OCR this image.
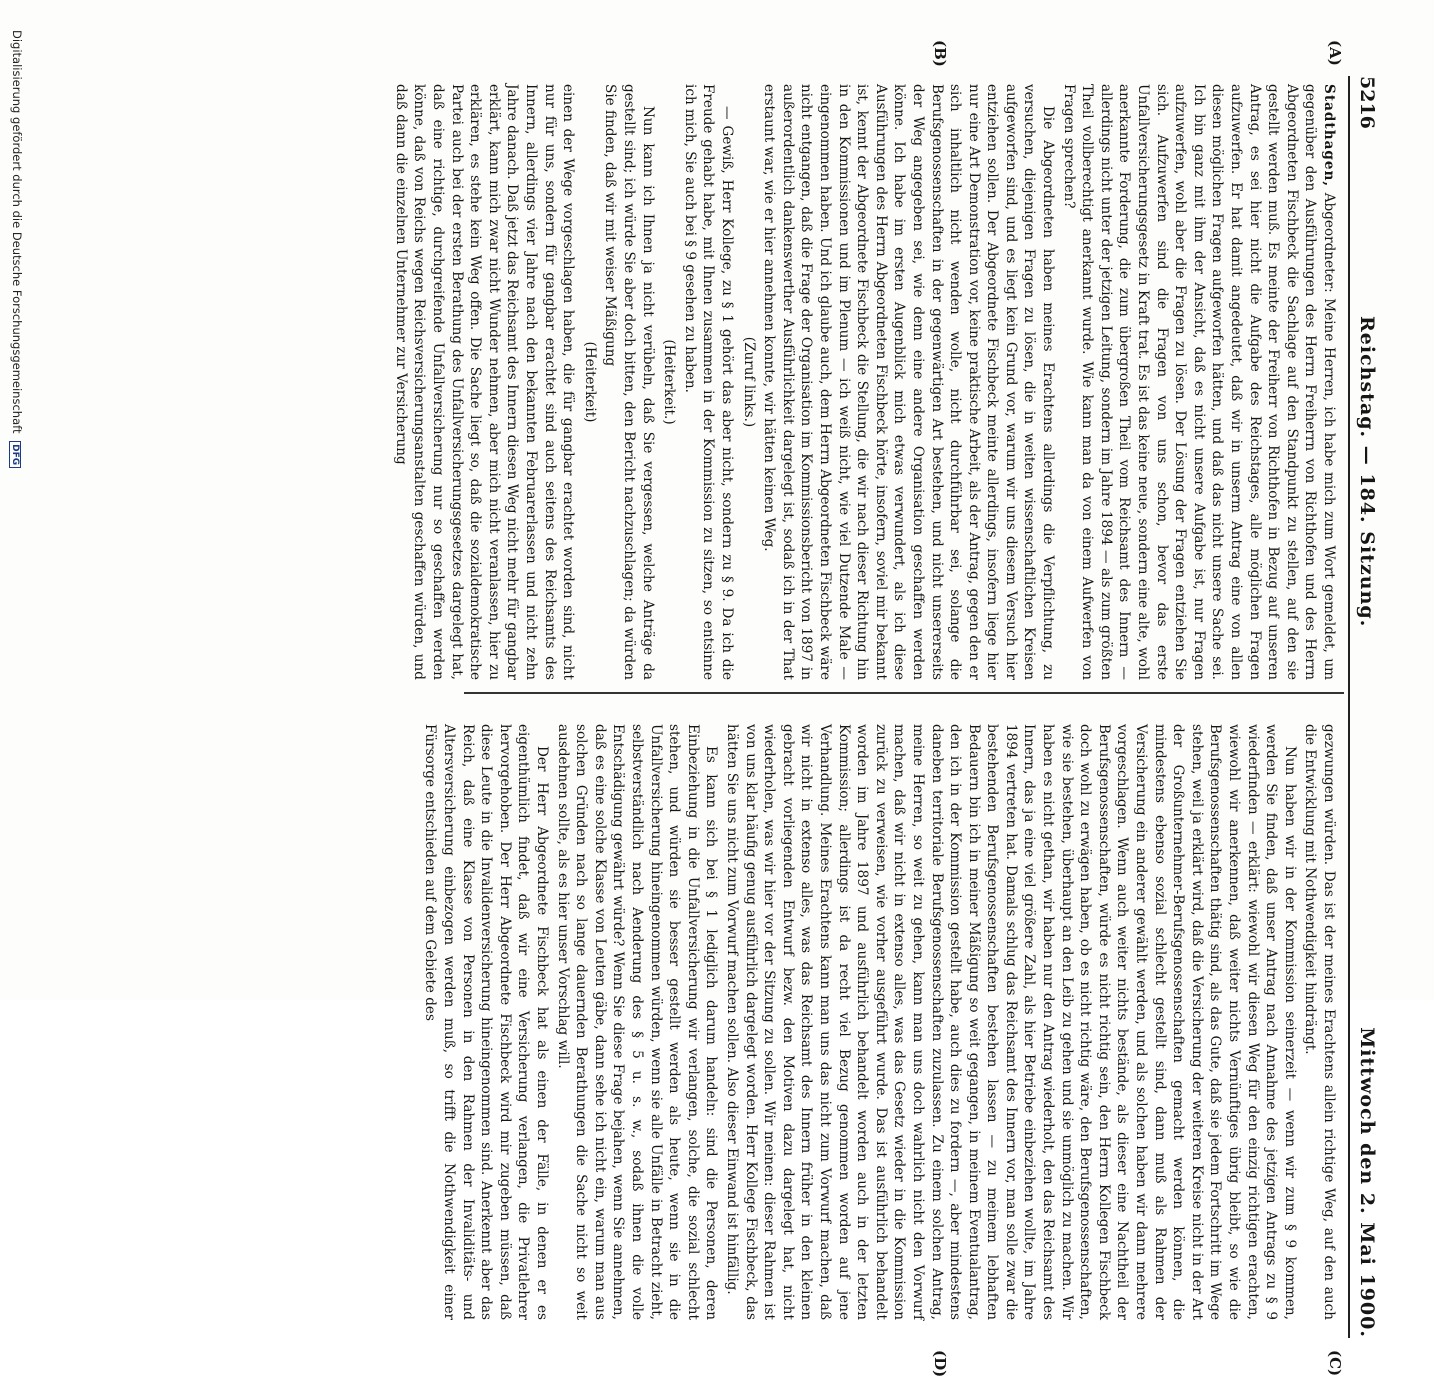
5216
Reichstag. — 184. Sitzung.
Mittwoch den 2. Mai 1900.
(A)
(B)
(C)
(D)

Stadthagen, Abgeordneter: Meine Herren, ich habe mich zum Wort gemeldet, um gegenüber den Ausführungen des Herrn Freiherrn von Richthofen und des Herrn Abgeordneten Fischbeck die Sachlage auf den Standpunkt zu stellen, auf den sie gestellt werden muß. Es meinte der Freiherr von Richthofen in Bezug auf unseren Antrag, es sei hier nicht die Aufgabe des Reichstages, alle möglichen Fragen aufzuwerfen. Er hat damit angedeutet, daß wir in unserm Antrag eine von allen diesen möglichen Fragen aufgeworfen hätten, und daß das nicht unsere Sache sei. Ich bin ganz mit ihm der Ansicht, daß es nicht unsere Aufgabe ist, nur Fragen aufzuwerfen, wohl aber die Fragen zu lösen. Der Lösung der Fragen entziehen Sie sich. Aufzuwerfen sind die Fragen von uns schon, bevor das erste Unfallversicherungsgesetz in Kraft trat. Es ist das keine neue, sondern eine alte, wohl anerkannte Forderung, die zum übergroßen Theil vom Reichsamt des Innern — allerdings nicht unter der jetzigen Leitung, sondern im Jahre 1894 — als zum größten Theil vollberechtigt anerkannt wurde. Wie kann man da von einem Aufwerfen von Fragen sprechen?

Die Abgeordneten haben meines Erachtens allerdings die Verpflichtung, zu versuchen, diejenigen Fragen zu lösen, die in weiten wissenschaftlichen Kreisen aufgeworfen sind, und es liegt kein Grund vor, warum wir uns diesem Versuch hier entziehen sollen. Der Abgeordnete Fischbeck meinte allerdings, insofern liege hier nur eine Art Demonstration vor, keine praktische Arbeit, als der Antrag, gegen den er sich inhaltlich nicht wenden wolle, nicht durchführbar sei, solange die Berufsgenossenschaften in der gegenwärtigen Art bestehen, und nicht unsererseits der Weg angegeben sei, wie denn eine andere Organisation geschaffen werden könne. Ich habe im ersten Augenblick mich etwas verwundert, als ich diese Ausführungen des Herrn Abgeordneten Fischbeck hörte, insofern, soviel mir bekannt ist, kennt der Abgeordnete Fischbeck die Stellung, die wir nach dieser Richtung hin in den Kommissionen und im Plenum — ich weiß nicht, wie viel Dutzende Male — eingenommen haben. Und ich glaube auch, dem Herrn Abgeordneten Fischbeck wäre nicht entgangen, daß die Frage der Organisation im Kommissionsbericht von 1897 in außerordentlich dankenswerther Ausführlichkeit dargelegt ist, sodaß ich in der That erstaunt war, wie er hier annehmen konnte, wir hätten keinen Weg.

(Zuruf links.)

— Gewiß, Herr Kollege, zu § 1 gehört das aber nicht, sondern zu § 9. Da ich die Freude gehabt habe, mit Ihnen zusammen in der Kommission zu sitzen, so entsinne ich mich, Sie auch bei § 9 gesehen zu haben.

(Heiterkeit.)

Nun kann ich Ihnen ja nicht verübeln, daß Sie vergessen, welche Anträge da gestellt sind; ich würde Sie aber doch bitten, den Bericht nachzuschlagen; da würden Sie finden, daß wir mit weiser Mäßigung

(Heiterkeit)

einen der Wege vorgeschlagen haben, die für gangbar erachtet worden sind, nicht nur für uns, sondern für gangbar erachtet sind auch seitens des Reichsamts des Innern, allerdings vier Jahre nach den bekannten Februarerlassen und nicht zehn Jahre danach. Daß jetzt das Reichsamt des Innern diesen Weg nicht mehr für gangbar erklärt, kann mich zwar nicht Wunder nehmen, aber mich nicht veranlassen, hier zu erklären, es stehe kein Weg offen. Die Sache liegt so, daß die sozialdemokratische Partei auch bei der ersten Berathung des Unfallversicherungsgesetzes dargelegt hat, daß eine richtige, durchgreifende Unfallversicherung nur so geschaffen werden könne, daß von Reichs wegen Reichsversicherungsanstalten geschaffen würden, und daß dann die einzelnen Unternehmer zur Versicherung

gezwungen würden. Das ist der meines Erachtens allein richtige Weg, auf den auch die Entwicklung mit Nothwendigkeit hindrängt.

Nun haben wir in der Kommission seinerzeit — wenn wir zum § 9 kommen, werden Sie finden, daß unser Antrag nach Annahme des jetzigen Antrags zu § 9 wiederfinden — erklärt: wiewohl wir diesen Weg für den einzig richtigen erachten, wiewohl wir anerkennen, daß weiter nichts Vernünftiges übrig bleibt, so wie die Berufsgenossenschaften thätig sind, als das Gute, daß sie jedem Fortschritt im Wege stehen, weil ja erklärt wird, daß die Versicherung der weiteren Kreise nicht in der Art der Großunternehmer-Berufsgenossenschaften gemacht werden können, die mindestens ebenso sozial schlecht gestellt sind, dann muß als Rahmen der Versicherung ein anderer gewählt werden, und als solchen haben wir dann mehrere vorgeschlagen. Wenn auch weiter nichts bestände, als dieser eine Nachtheil der Berufsgenossenschaften, würde es nicht richtig sein, den Herrn Kollegen Fischbeck doch wohl zu erwägen haben, ob es nicht richtig wäre, den Berufsgenossenschaften, wie sie bestehen, überhaupt an den Leib zu gehen und sie unmöglich zu machen. Wir haben es nicht gethan, wir haben nur den Antrag wiederholt, den das Reichsamt des Innern, das ja eine viel größere Zahl, als hier Betriebe einbeziehen wollte, im Jahre 1894 vertreten hat. Damals schlug das Reichsamt des Innern vor, man solle zwar die bestehenden Berufsgenossenschaften bestehen lassen — zu meinem lebhaften Bedauern bin ich in meiner Mäßigung so weit gegangen, in meinem Eventualantrag, den ich in der Kommission gestellt habe, auch dies zu fordern —, aber mindestens daneben territoriale Berufsgenossenschaften zuzulassen. Zu einem solchen Antrag, meine Herren, so weit zu gehen, kann man uns doch wahrlich nicht den Vorwurf machen, daß wir nicht in extenso alles, was das Gesetz wieder in die Kommission zurück zu verweisen, wie vorher ausgeführt wurde. Das ist ausführlich behandelt worden im Jahre 1897 und ausführlich behandelt worden auch in der letzten Kommission; allerdings ist da recht viel Bezug genommen worden auf jene Verhandlung. Meines Erachtens kann man uns das nicht zum Vorwurf machen, daß wir nicht in extenso alles, was das Reichsamt des Innern früher in den kleinen gebracht vorliegenden Entwurf bezw. den Motiven dazu dargelegt hat, nicht wiederholen, was wir hier vor der Sitzung zu sollen. Wir meinen: dieser Rahmen ist von uns klar häufig genug ausführlich dargelegt worden. Herr Kollege Fischbeck, das hätten Sie uns nicht zum Vorwurf machen sollen. Also dieser Einwand ist hinfällig.

Es kann sich bei § 1 lediglich darum handeln: sind die Personen, deren Einbeziehung in die Unfallversicherung wir verlangen, solche, die sozial schlecht stehen, und würden sie besser gestellt werden als heute, wenn sie in die Unfallversicherung hineingenommen würden, wenn sie alle Unfälle in Betracht zieht, selbstverständlich nach Aenderung des § 5 u. s. w., sodaß ihnen die volle Entschädigung gewährt würde? Wenn Sie diese Frage bejahen, wenn Sie annehmen, daß es eine solche Klasse von Leuten gäbe, dann sehe ich nicht ein, warum man aus solchen Gründen nach so lange dauernden Berathungen die Sache nicht so weit ausdehnen sollte, als es hier unser Vorschlag will.

Der Herr Abgeordnete Fischbeck hat als einen der Fälle, in denen er es eigenthümlich findet, daß wir eine Versicherung verlangen, die Privatlehrer hervorgehoben. Der Herr Abgeordnete Fischbeck wird mir zugeben müssen, daß diese Leute in die Invalidenversicherung hineingenommen sind. Anerkennt aber das Reich, daß eine Klasse von Personen in den Rahmen der Invaliditäts- und Altersversicherung einbezogen werden muß, so trifft die Nothwendigkeit einer Fürsorge entschieden auf dem Gebiete des

Digitalisierung gefördert durch die Deutsche Forschungsgemeinschaft DFG
